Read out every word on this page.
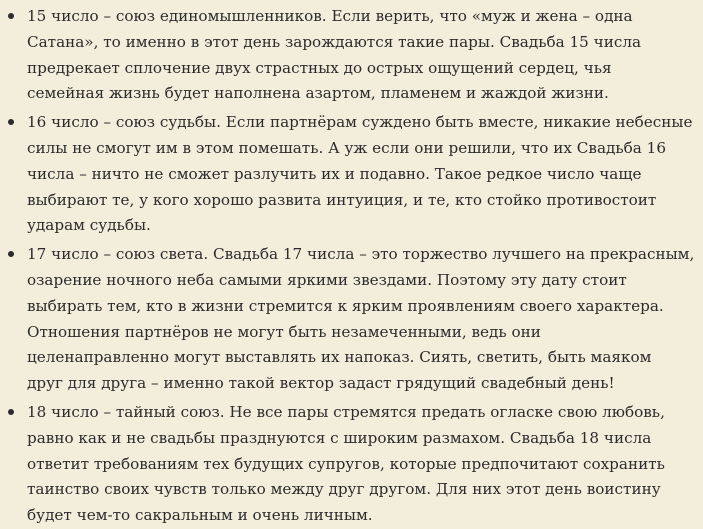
15 число – союз единомышленников. Если верить, что «муж и жена – одна
Сатана», то именно в этот день зарождаются такие пары. Свадьба 15 числа
предрекает сплочение двух страстных до острых ощущений сердец, чья
семейная жизнь будет наполнена азартом, пламенем и жаждой жизни.
16 число – союз судьбы. Если партнёрам суждено быть вместе, никакие небесные
силы не смогут им в этом помешать. А уж если они решили, что их Свадьба 16
числа – ничто не сможет разлучить их и подавно. Такое редкое число чаще
выбирают те, у кого хорошо развита интуиция, и те, кто стойко противостоит
ударам судьбы.
17 число – союз света. Свадьба 17 числа – это торжество лучшего на прекрасным,
озарение ночного неба самыми яркими звездами. Поэтому эту дату стоит
выбирать тем, кто в жизни стремится к ярким проявлениям своего характера.
Отношения партнёров не могут быть незамеченными, ведь они
целенаправленно могут выставлять их напоказ. Сиять, светить, быть маяком
друг для друга – именно такой вектор задаст грядущий свадебный день!
18 число – тайный союз. Не все пары стремятся предать огласке свою любовь,
равно как и не свадьбы празднуются с широким размахом. Свадьба 18 числа
ответит требованиям тех будущих супругов, которые предпочитают сохранить
таинство своих чувств только между друг другом. Для них этот день воистину
будет чем-то сакральным и очень личным.
